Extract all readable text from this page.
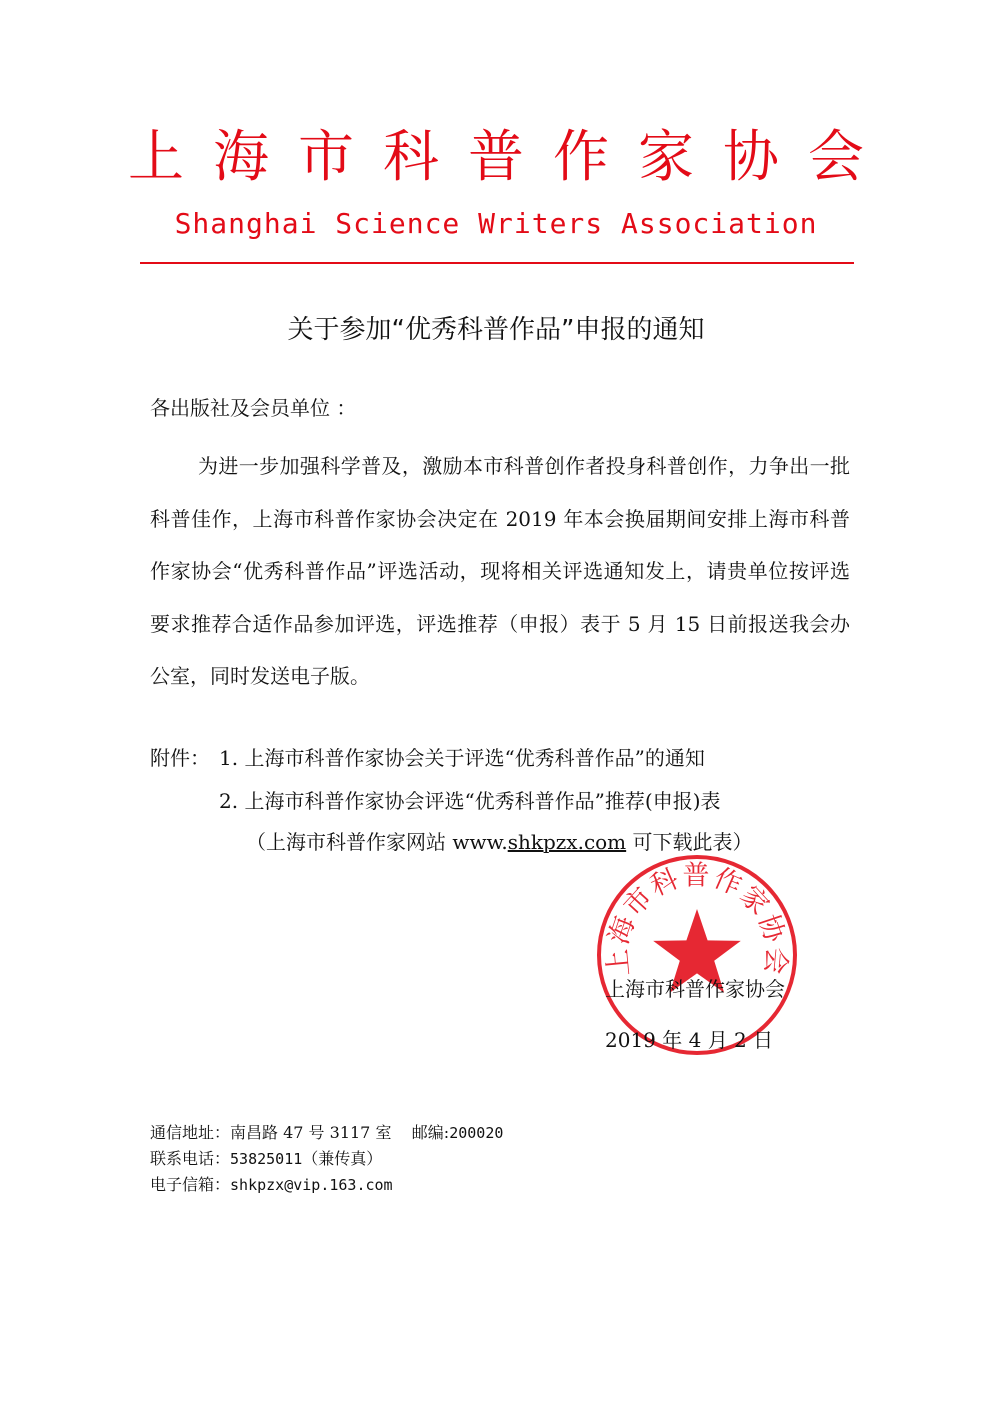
上海市科普作家协会
Shanghai Science Writers Association
关于参加“优秀科普作品”申报的通知
各出版社及会员单位 ：
为进一步加强科学普及，激励本市科普创作者投身科普创作，力争出一批科普佳作，上海市科普作家协会决定在 2019 年本会换届期间安排上海市科普作家协会“优秀科普作品”评选活动，现将相关评选通知发上，请贵单位按评选要求推荐合适作品参加评选，评选推荐（申报）表于 5 月 15 日前报送我会办公室，同时发送电子版。
附件： 1. 上海市科普作家协会关于评选“优秀科普作品”的通知
2. 上海市科普作家协会评选“优秀科普作品”推荐(申报)表
（上海市科普作家网站 www.shkpzx.com 可下载此表）
上海市科普作家协会
上海市科普作家协会
2019 年 4 月 2 日
通信地址：南昌路 47 号 3117 室 邮编:200020
联系电话：53825011（兼传真）
电子信箱：shkpzx@vip.163.com
